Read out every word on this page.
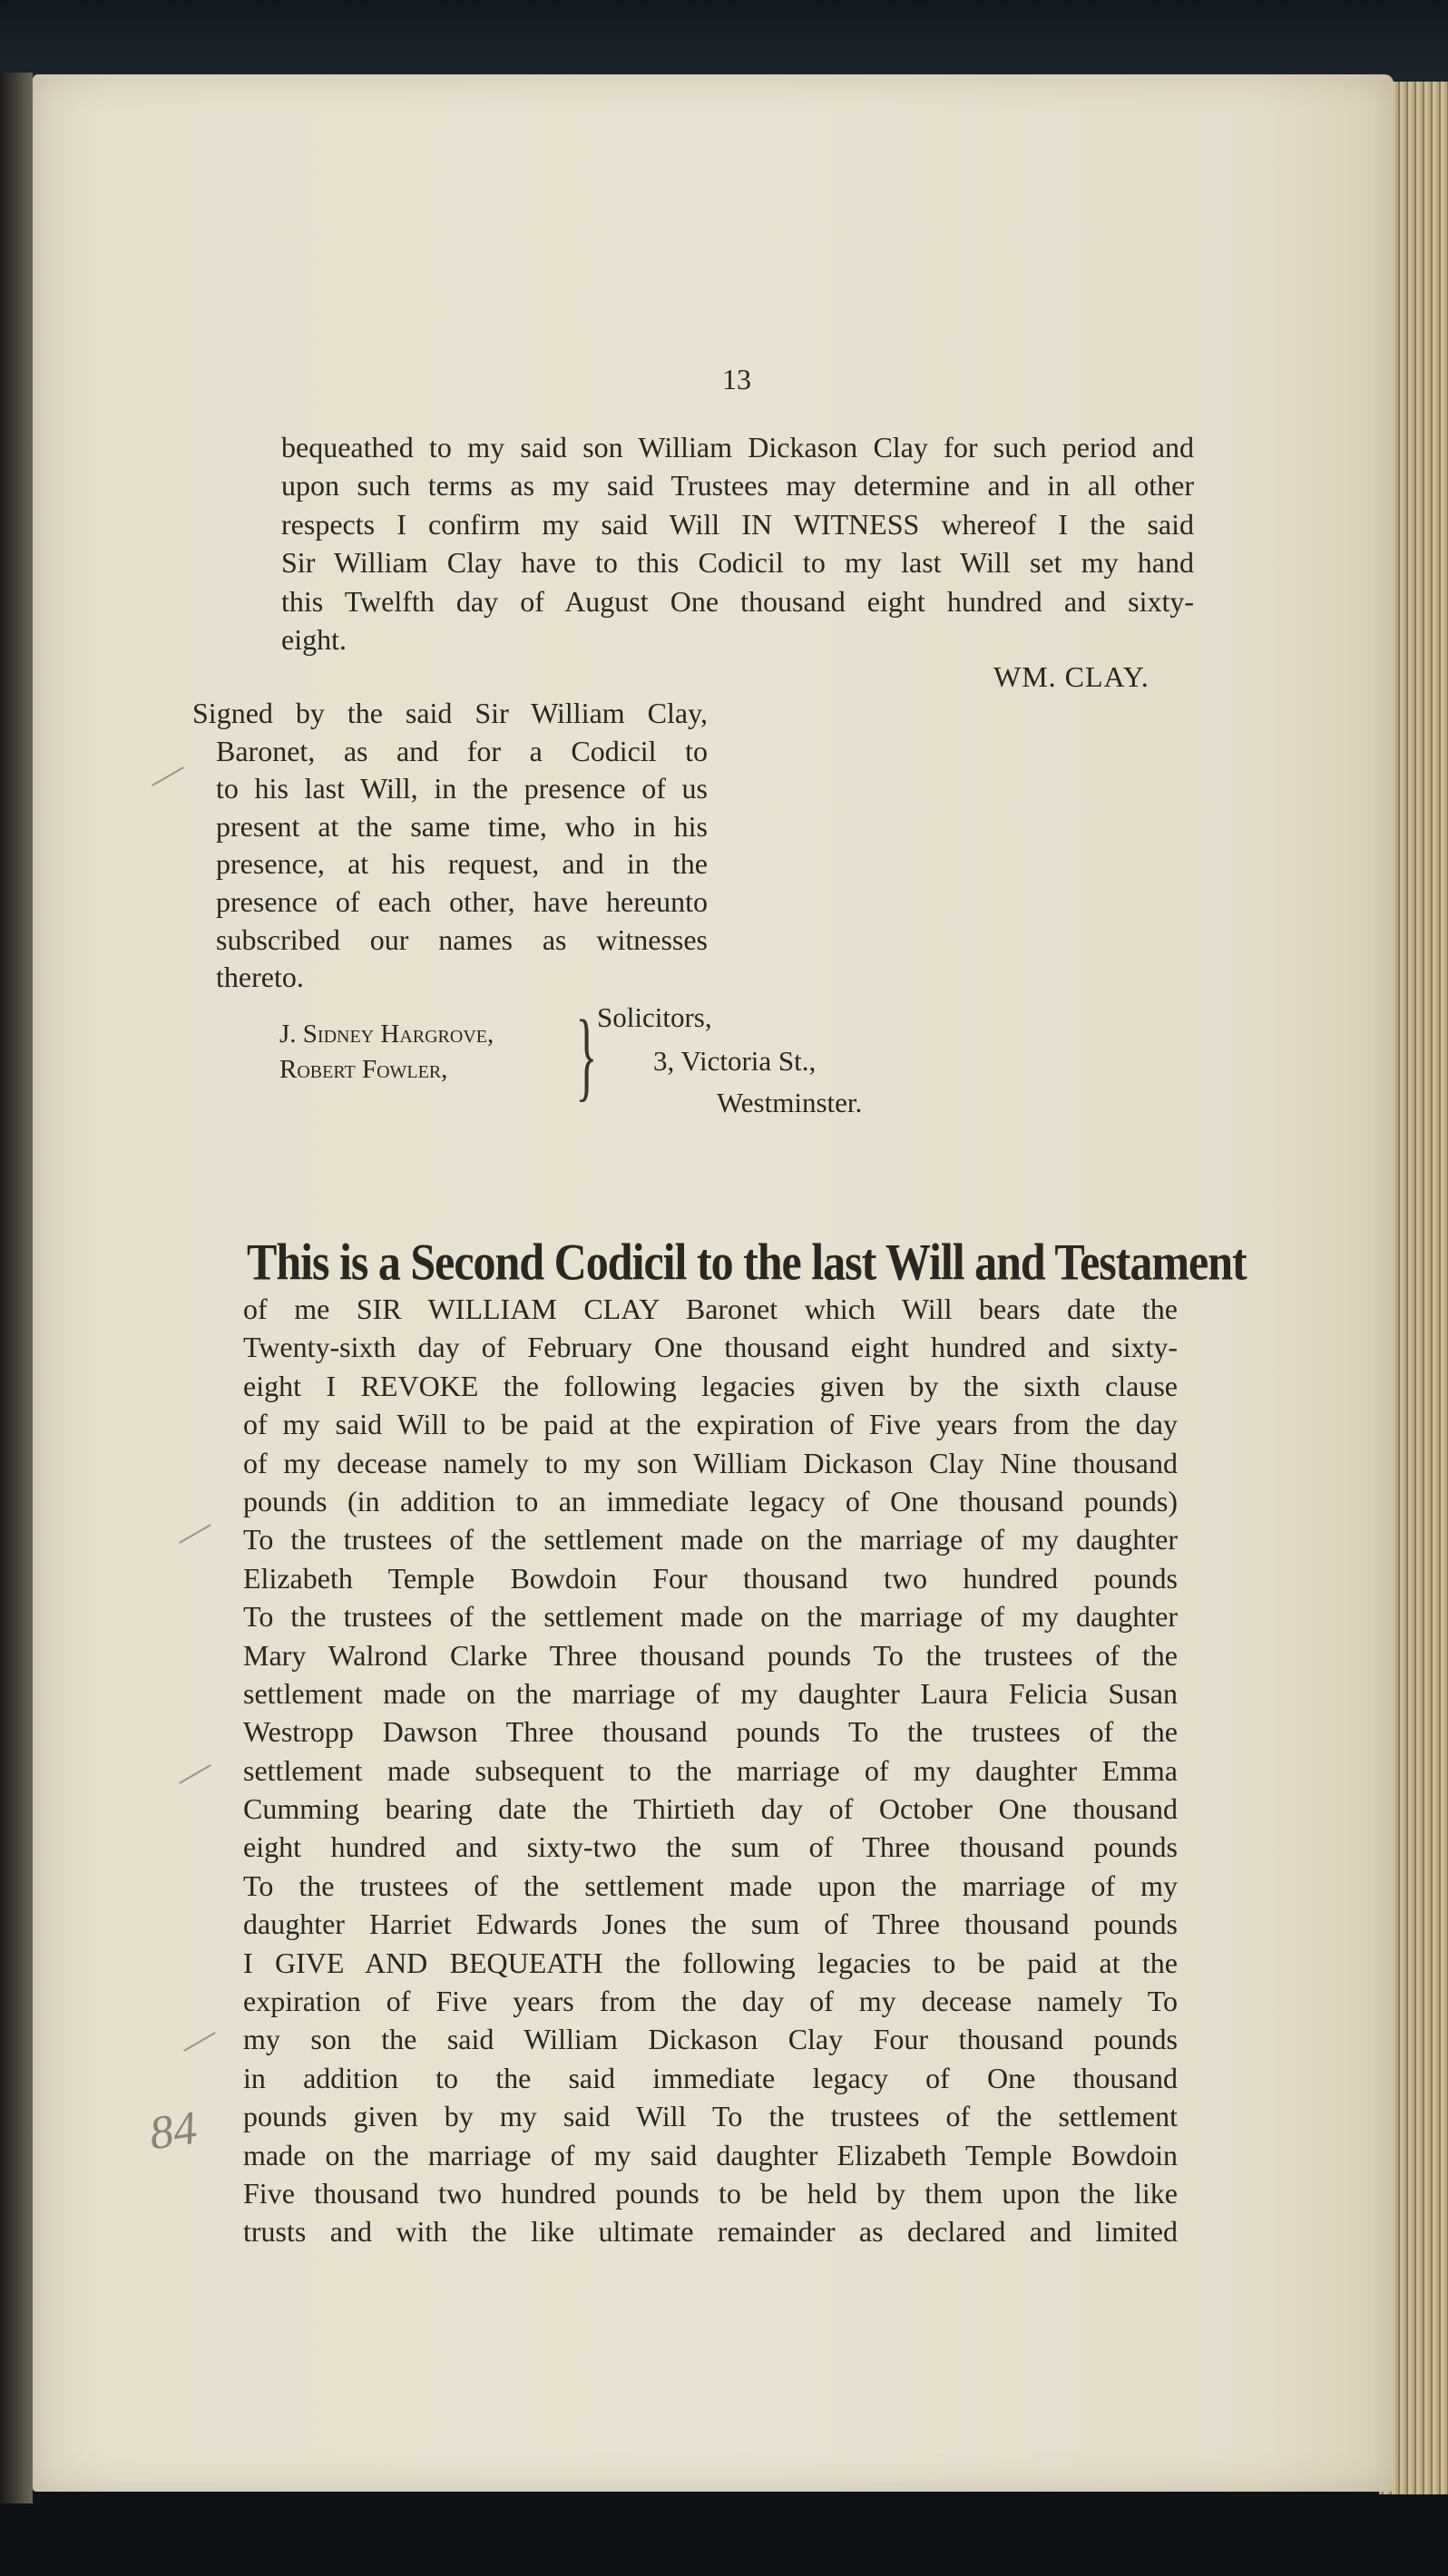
13
bequeathed to my said son William Dickason Clay for such period and
upon such terms as my said Trustees may determine and in all other
respects I confirm my said Will IN WITNESS whereof I the said
Sir William Clay have to this Codicil to my last Will set my hand
this Twelfth day of August One thousand eight hundred and sixty-
eight.
WM. CLAY.
Signed by the said Sir William Clay,
Baronet, as and for a Codicil to
to his last Will, in the presence of us
present at the same time, who in his
presence, at his request, and in the
presence of each other, have hereunto
subscribed our names as witnesses
thereto.
J. Sidney Hargrove,
Robert Fowler, } Solicitors,
3, Victoria St.,
Westminster.
This is a Second Codicil to the last Will and Testament
of me SIR WILLIAM CLAY Baronet which Will bears date the
Twenty-sixth day of February One thousand eight hundred and sixty-
eight I REVOKE the following legacies given by the sixth clause
of my said Will to be paid at the expiration of Five years from the day
of my decease namely to my son William Dickason Clay Nine thousand
pounds (in addition to an immediate legacy of One thousand pounds)
To the trustees of the settlement made on the marriage of my daughter
Elizabeth Temple Bowdoin Four thousand two hundred pounds
To the trustees of the settlement made on the marriage of my daughter
Mary Walrond Clarke Three thousand pounds To the trustees of the
settlement made on the marriage of my daughter Laura Felicia Susan
Westropp Dawson Three thousand pounds To the trustees of the
settlement made subsequent to the marriage of my daughter Emma
Cumming bearing date the Thirtieth day of October One thousand
eight hundred and sixty-two the sum of Three thousand pounds
To the trustees of the settlement made upon the marriage of my
daughter Harriet Edwards Jones the sum of Three thousand pounds
I GIVE AND BEQUEATH the following legacies to be paid at the
expiration of Five years from the day of my decease namely To
my son the said William Dickason Clay Four thousand pounds
in addition to the said immediate legacy of One thousand
pounds given by my said Will To the trustees of the settlement
made on the marriage of my said daughter Elizabeth Temple Bowdoin
Five thousand two hundred pounds to be held by them upon the like
trusts and with the like ultimate remainder as declared and limited
84
